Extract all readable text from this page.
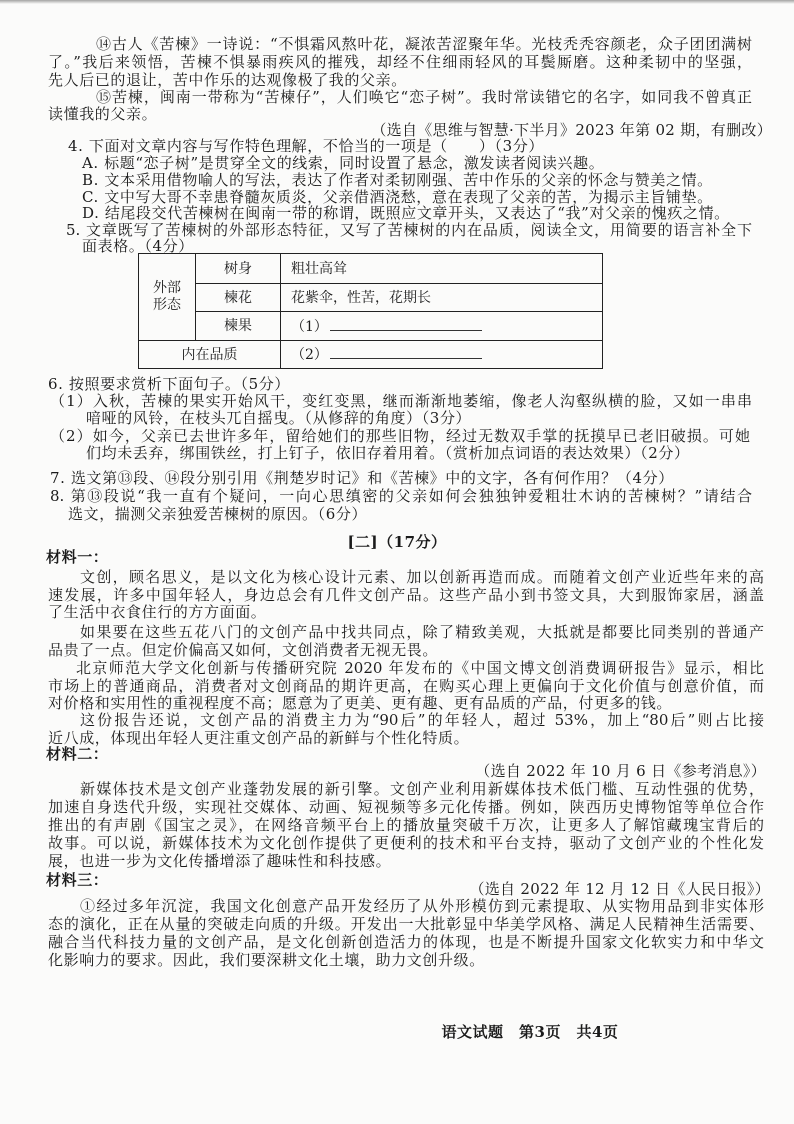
⑭古人《苦楝》一诗说：“不惧霜风熬叶花，凝浓苦涩聚年华。光枝秃秃容颜老，众子团团满树
了。”我后来领悟，苦楝不惧暴雨疾风的摧残，却经不住细雨轻风的耳鬓厮磨。这种柔韧中的坚强，
先人后已的退让，苦中作乐的达观像极了我的父亲。
⑮苦楝，闽南一带称为“苦楝仔”，人们唤它“恋子树”。我时常读错它的名字，如同我不曾真正
读懂我的父亲。
（选自《思维与智慧·下半月》2023 年第 02 期，有删改）
4. 下面对文章内容与写作特色理解，不恰当的一项是（　　）（3分）
A. 标题“恋子树”是贯穿全文的线索，同时设置了悬念，激发读者阅读兴趣。
B. 文本采用借物喻人的写法，表达了作者对柔韧刚强、苦中作乐的父亲的怀念与赞美之情。
C. 文中写大哥不幸患脊髓灰质炎，父亲借酒浇愁，意在表现了父亲的苦，为揭示主旨铺垫。
D. 结尾段交代苦楝树在闽南一带的称谓，既照应文章开头，又表达了“我”对父亲的愧疚之情。
5. 文章既写了苦楝树的外部形态特征，又写了苦楝树的内在品质，阅读全文，用简要的语言补全下
面表格。（4分）
外部形态	树身	粗壮高耸
	楝花	花紫伞，性苦，花期长
	楝果	（1）
内在品质		（2）
6. 按照要求赏析下面句子。（5分）
（1）入秋，苦楝的果实开始风干，变红变黑，继而渐渐地萎缩，像老人沟壑纵横的脸，又如一串串
喑哑的风铃，在枝头兀自摇曳。（从修辞的角度）（3分）
（2）如今，父亲已去世许多年，留给她们的那些旧物，经过无数双手掌的抚摸早已老旧破损。可她
们均未丢弃，绑围铁丝，打上钉子，依旧存着用着。（赏析加点词语的表达效果）（2分）
7. 选文第⑬段、⑭段分别引用《荆楚岁时记》和《苦楝》中的文字，各有何作用？（4分）
8. 第⑬段说“我一直有个疑问，一向心思缜密的父亲如何会独独钟爱粗壮木讷的苦楝树？”请结合
选文，揣测父亲独爱苦楝树的原因。（6分）
[二]（17分）
材料一：
文创，顾名思义，是以文化为核心设计元素、加以创新再造而成。而随着文创产业近些年来的高
速发展，许多中国年轻人，身边总会有几件文创产品。这些产品小到书签文具，大到服饰家居，涵盖
了生活中衣食住行的方方面面。
如果要在这些五花八门的文创产品中找共同点，除了精致美观，大抵就是都要比同类别的普通产
品贵了一点。但定价偏高又如何，文创消费者无视无畏。
北京师范大学文化创新与传播研究院 2020 年发布的《中国文博文创消费调研报告》显示，相比
市场上的普通商品，消费者对文创商品的期许更高，在购买心理上更偏向于文化价值与创意价值，而
对价格和实用性的重视程度不高；愿意为了更美、更有趣、更有品质的产品，付更多的钱。
这份报告还说，文创产品的消费主力为“90后”的年轻人，超过 53%，加上“80后”则占比接
近八成，体现出年轻人更注重文创产品的新鲜与个性化特质。
材料二：
（选自 2022 年 10 月 6 日《参考消息》）
新媒体技术是文创产业蓬勃发展的新引擎。文创产业利用新媒体技术低门槛、互动性强的优势，
加速自身迭代升级，实现社交媒体、动画、短视频等多元化传播。例如，陕西历史博物馆等单位合作
推出的有声剧《国宝之灵》，在网络音频平台上的播放量突破千万次，让更多人了解馆藏瑰宝背后的
故事。可以说，新媒体技术为文化创作提供了更便利的技术和平台支持，驱动了文创产业的个性化发
展，也进一步为文化传播增添了趣味性和科技感。
材料三：	（选自 2022 年 12 月 12 日《人民日报》）
①经过多年沉淀，我国文化创意产品开发经历了从外形模仿到元素提取、从实物用品到非实体形
态的演化，正在从量的突破走向质的升级。开发出一大批彰显中华美学风格、满足人民精神生活需要、
融合当代科技力量的文创产品，是文化创新创造活力的体现，也是不断提升国家文化软实力和中华文
化影响力的要求。因此，我们要深耕文化土壤，助力文创升级。
语文试题　第3页　共4页
